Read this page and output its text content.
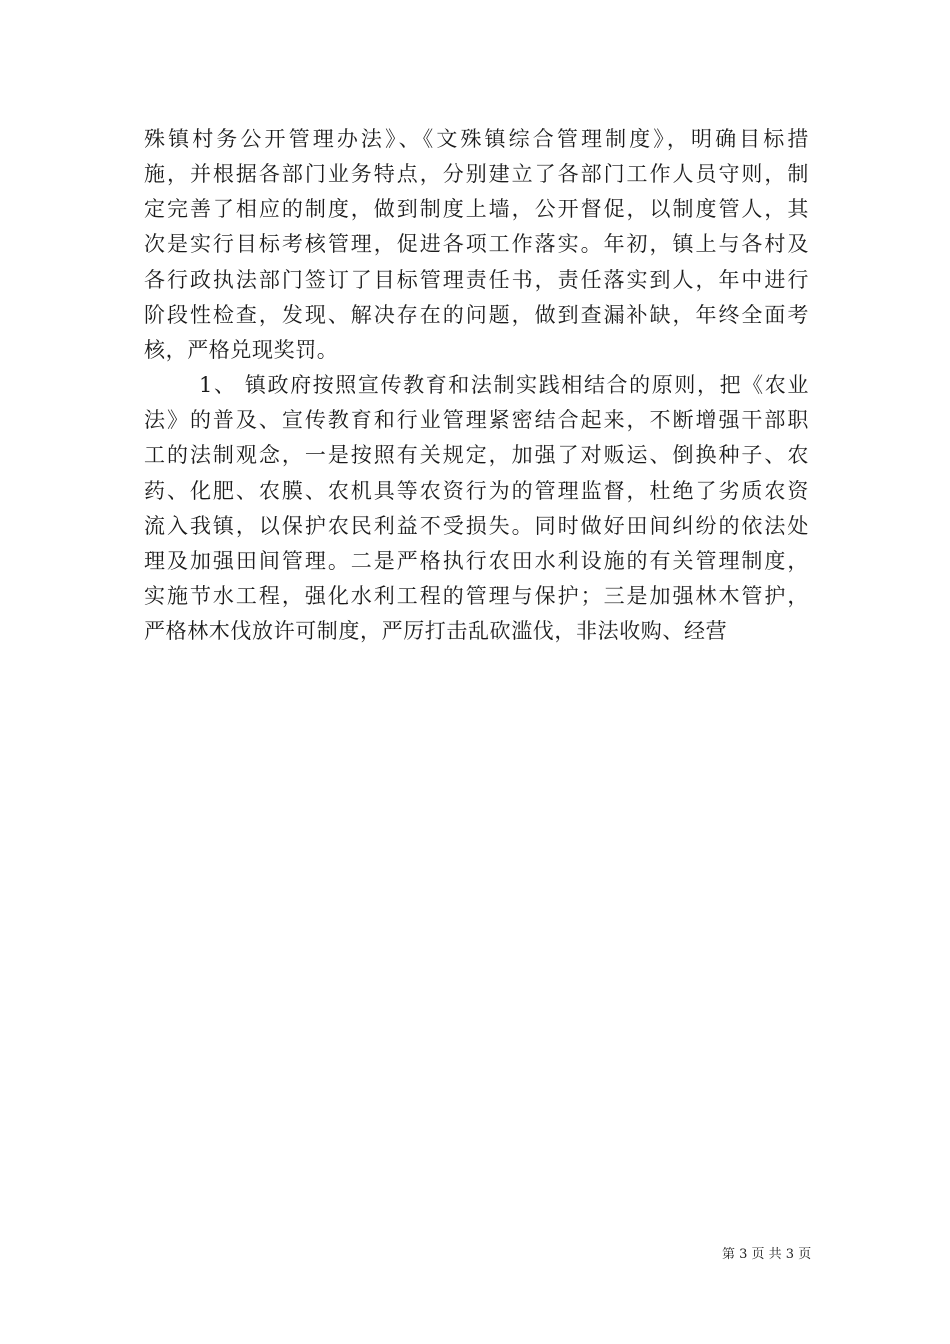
殊镇村务公开管理办法》、《文殊镇综合管理制度》，明确目标措
施，并根据各部门业务特点，分别建立了各部门工作人员守则，制
定完善了相应的制度，做到制度上墙，公开督促，以制度管人，其
次是实行目标考核管理，促进各项工作落实。年初，镇上与各村及
各行政执法部门签订了目标管理责任书，责任落实到人，年中进行
阶段性检查，发现、解决存在的问题，做到查漏补缺，年终全面考
核，严格兑现奖罚。
1、 镇政府按照宣传教育和法制实践相结合的原则，把《农业
法》的普及、宣传教育和行业管理紧密结合起来，不断增强干部职
工的法制观念，一是按照有关规定，加强了对贩运、倒换种子、农
药、化肥、农膜、农机具等农资行为的管理监督，杜绝了劣质农资
流入我镇，以保护农民利益不受损失。同时做好田间纠纷的依法处
理及加强田间管理。二是严格执行农田水利设施的有关管理制度，
实施节水工程，强化水利工程的管理与保护；三是加强林木管护，
严格林木伐放许可制度，严厉打击乱砍滥伐，非法收购、经营
第 3 页 共 3 页
